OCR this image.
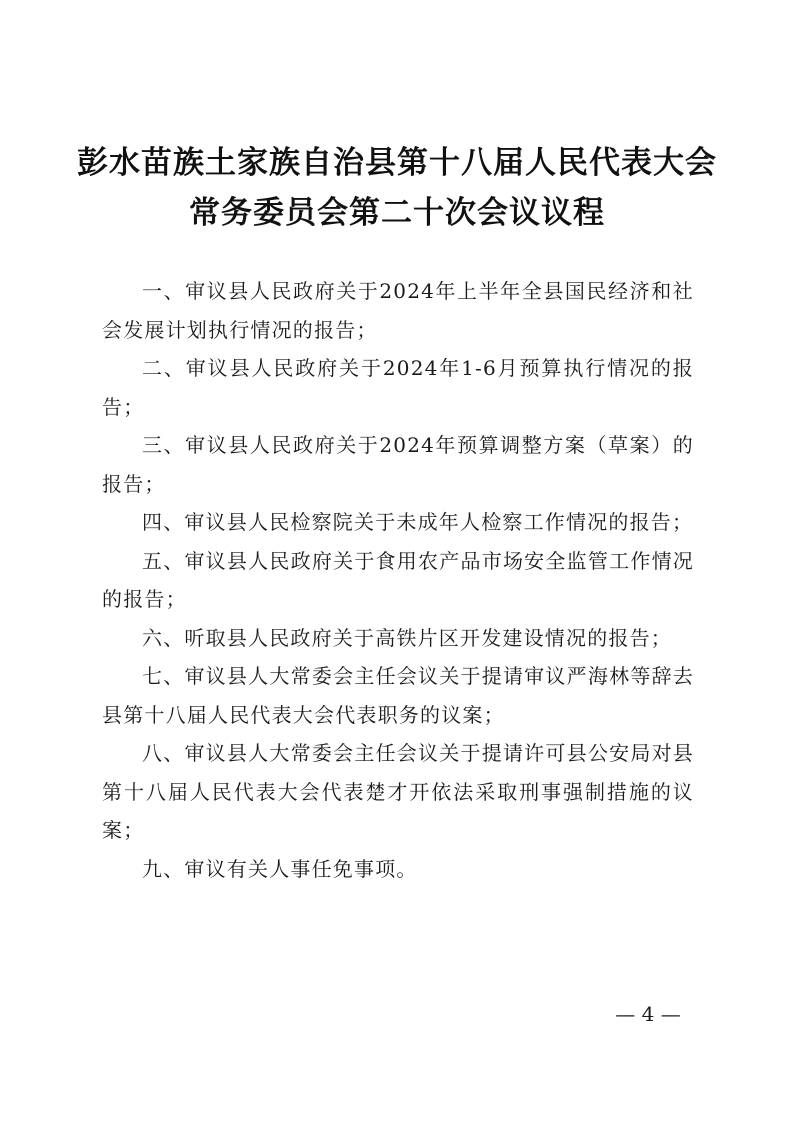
彭水苗族土家族自治县第十八届人民代表大会
常务委员会第二十次会议议程
一、审议县人民政府关于2024年上半年全县国民经济和社会发展计划执行情况的报告；
二、审议县人民政府关于2024年1-6月预算执行情况的报告；
三、审议县人民政府关于2024年预算调整方案（草案）的报告；
四、审议县人民检察院关于未成年人检察工作情况的报告；
五、审议县人民政府关于食用农产品市场安全监管工作情况的报告；
六、听取县人民政府关于高铁片区开发建设情况的报告；
七、审议县人大常委会主任会议关于提请审议严海林等辞去县第十八届人民代表大会代表职务的议案；
八、审议县人大常委会主任会议关于提请许可县公安局对县第十八届人民代表大会代表楚才开依法采取刑事强制措施的议案；
九、审议有关人事任免事项。
— 4 —
